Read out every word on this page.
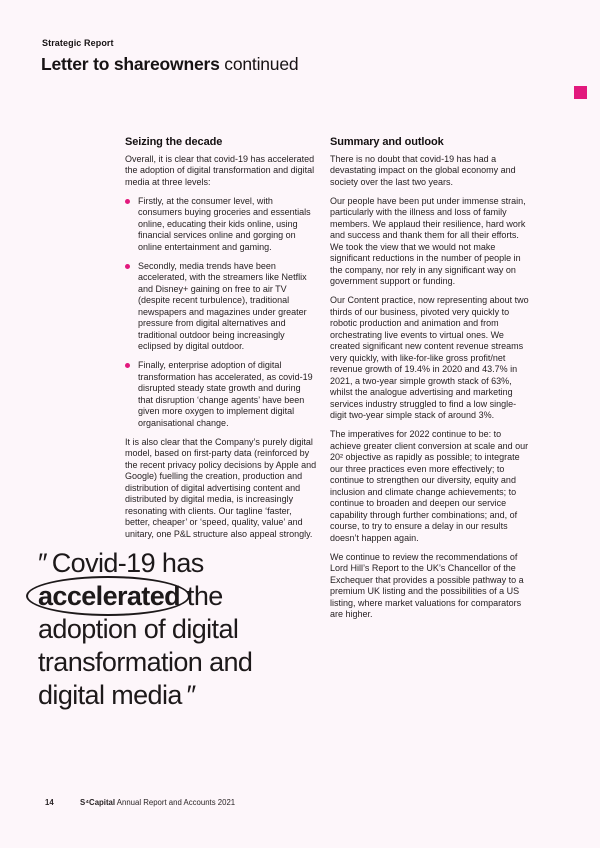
Strategic Report
Letter to shareowners continued
Seizing the decade

Overall, it is clear that covid-19 has accelerated the adoption of digital transformation and digital media at three levels:

Firstly, at the consumer level, with consumers buying groceries and essentials online, educating their kids online, using financial services online and gorging on online entertainment and gaming.
Secondly, media trends have been accelerated, with the streamers like Netflix and Disney+ gaining on free to air TV (despite recent turbulence), traditional newspapers and magazines under greater pressure from digital alternatives and traditional outdoor being increasingly eclipsed by digital outdoor.
Finally, enterprise adoption of digital transformation has accelerated, as covid-19 disrupted steady state growth and during that disruption ‘change agents’ have been given more oxygen to implement digital organisational change.

It is also clear that the Company’s purely digital model, based on first-party data (reinforced by the recent privacy policy decisions by Apple and Google) fuelling the creation, production and distribution of digital advertising content and distributed by digital media, is increasingly resonating with clients. Our tagline ‘faster, better, cheaper’ or ‘speed, quality, value’ and unitary, one P&L structure also appeal strongly.

Summary and outlook

There is no doubt that covid-19 has had a devastating impact on the global economy and society over the last two years.

Our people have been put under immense strain, particularly with the illness and loss of family members. We applaud their resilience, hard work and success and thank them for all their efforts. We took the view that we would not make significant reductions in the number of people in the company, nor rely in any significant way on government support or funding.

Our Content practice, now representing about two thirds of our business, pivoted very quickly to robotic production and animation and from orchestrating live events to virtual ones. We created significant new content revenue streams very quickly, with like-for-like gross profit/net revenue growth of 19.4% in 2020 and 43.7% in 2021, a two-year simple growth stack of 63%, whilst the analogue advertising and marketing services industry struggled to find a low single-digit two-year simple stack of around 3%.

The imperatives for 2022 continue to be: to achieve greater client conversion at scale and our 20² objective as rapidly as possible; to integrate our three practices even more effectively; to continue to strengthen our diversity, equity and inclusion and climate change achievements; to continue to broaden and deepen our service capability through further combinations; and, of course, to try to ensure a delay in our results doesn’t happen again.

We continue to review the recommendations of Lord Hill’s Report to the UK’s Chancellor of the Exchequer that provides a possible pathway to a premium UK listing and the possibilities of a US listing, where market valuations for comparators are higher.

″ Covid-19 has
accelerated the
adoption of digital
transformation and
digital media ″
14	S⁴Capital Annual Report and Accounts 2021
